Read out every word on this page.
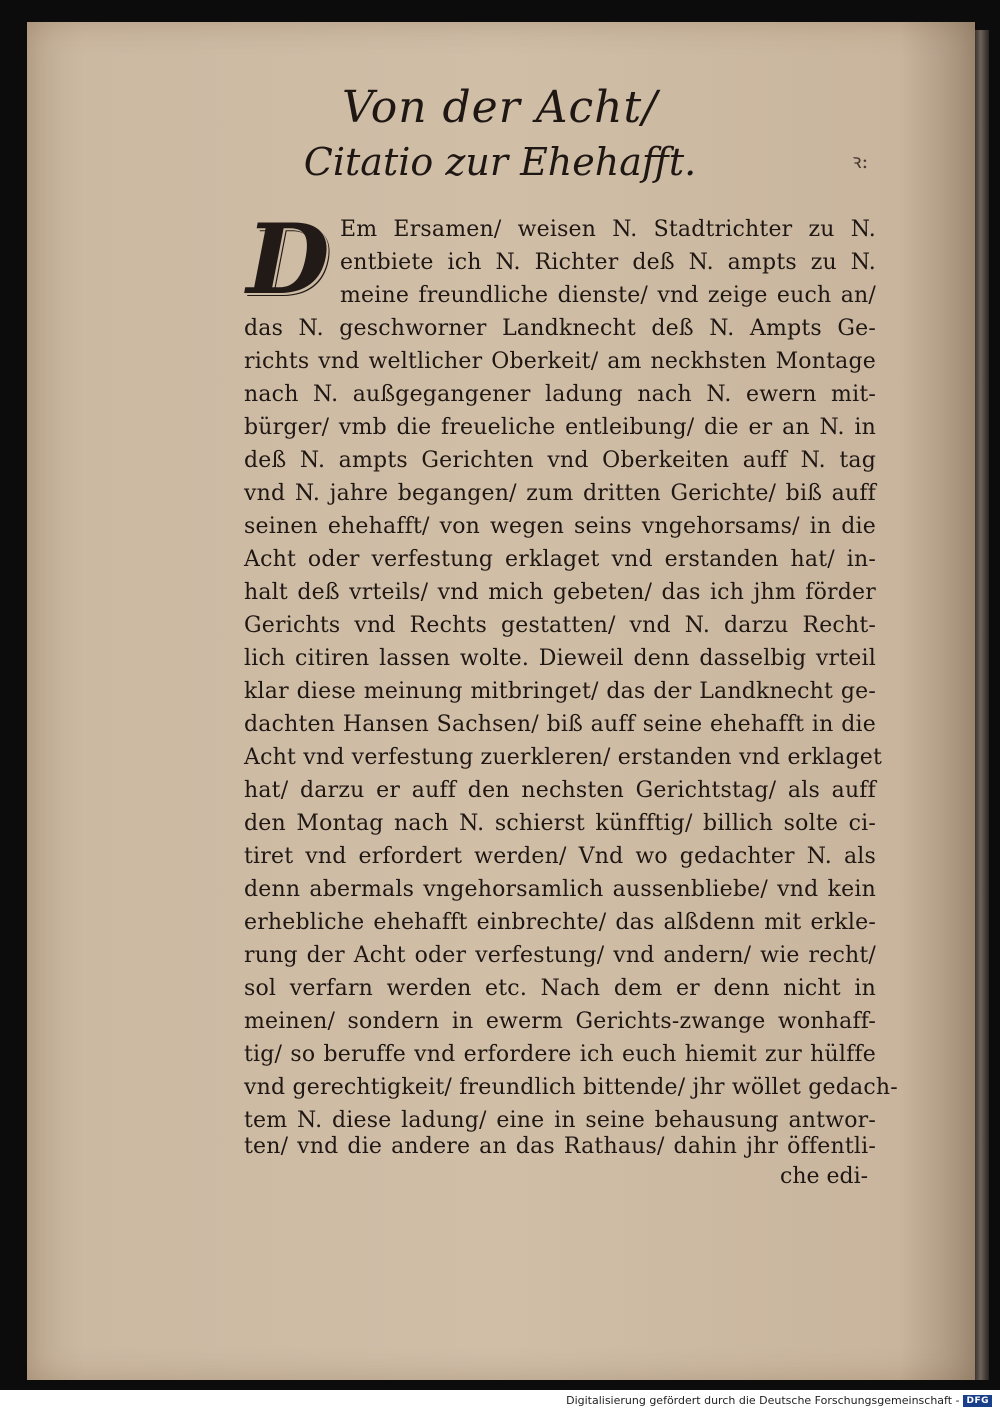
Von der Acht/
Citatio zur Ehehafft.	ꝛ:
D Em Ersamen/ weisen N. Stadtrichter zu N.
entbiete ich N. Richter deß N. ampts zu N.
meine freundliche dienste/ vnd zeige euch an/
das N. geschworner Landknecht deß N. Ampts Ge-
richts vnd weltlicher Oberkeit/ am neckhsten Montage
nach N. außgegangener ladung nach N. ewern mit-
bürger/ vmb die freueliche entleibung/ die er an N. in
deß N. ampts Gerichten vnd Oberkeiten auff N. tag
vnd N. jahre begangen/ zum dritten Gerichte/ biß auff
seinen ehehafft/ von wegen seins vngehorsams/ in die
Acht oder verfestung erklaget vnd erstanden hat/ in-
halt deß vrteils/ vnd mich gebeten/ das ich jhm förder
Gerichts vnd Rechts gestatten/ vnd N. darzu Recht-
lich citiren lassen wolte. Dieweil denn dasselbig vrteil
klar diese meinung mitbringet/ das der Landknecht ge-
dachten Hansen Sachsen/ biß auff seine ehehafft in die
Acht vnd verfestung zuerkleren/ erstanden vnd erklaget
hat/ darzu er auff den nechsten Gerichtstag/ als auff
den Montag nach N. schierst künfftig/ billich solte ci-
tiret vnd erfordert werden/ Vnd wo gedachter N. als
denn abermals vngehorsamlich aussenbliebe/ vnd kein
erhebliche ehehafft einbrechte/ das alßdenn mit erkle-
rung der Acht oder verfestung/ vnd andern/ wie recht/
sol verfarn werden etc. Nach dem er denn nicht in
meinen/ sondern in ewerm Gerichts-zwange wonhaff-
tig/ so beruffe vnd erfordere ich euch hiemit zur hülffe
vnd gerechtigkeit/ freundlich bittende/ jhr wöllet gedach-
tem N. diese ladung/ eine in seine behausung antwor-
ten/ vnd die andere an das Rathaus/ dahin jhr öffentli-
che edi-
Digitalisierung gefördert durch die Deutsche Forschungsgemeinschaft - DFG
